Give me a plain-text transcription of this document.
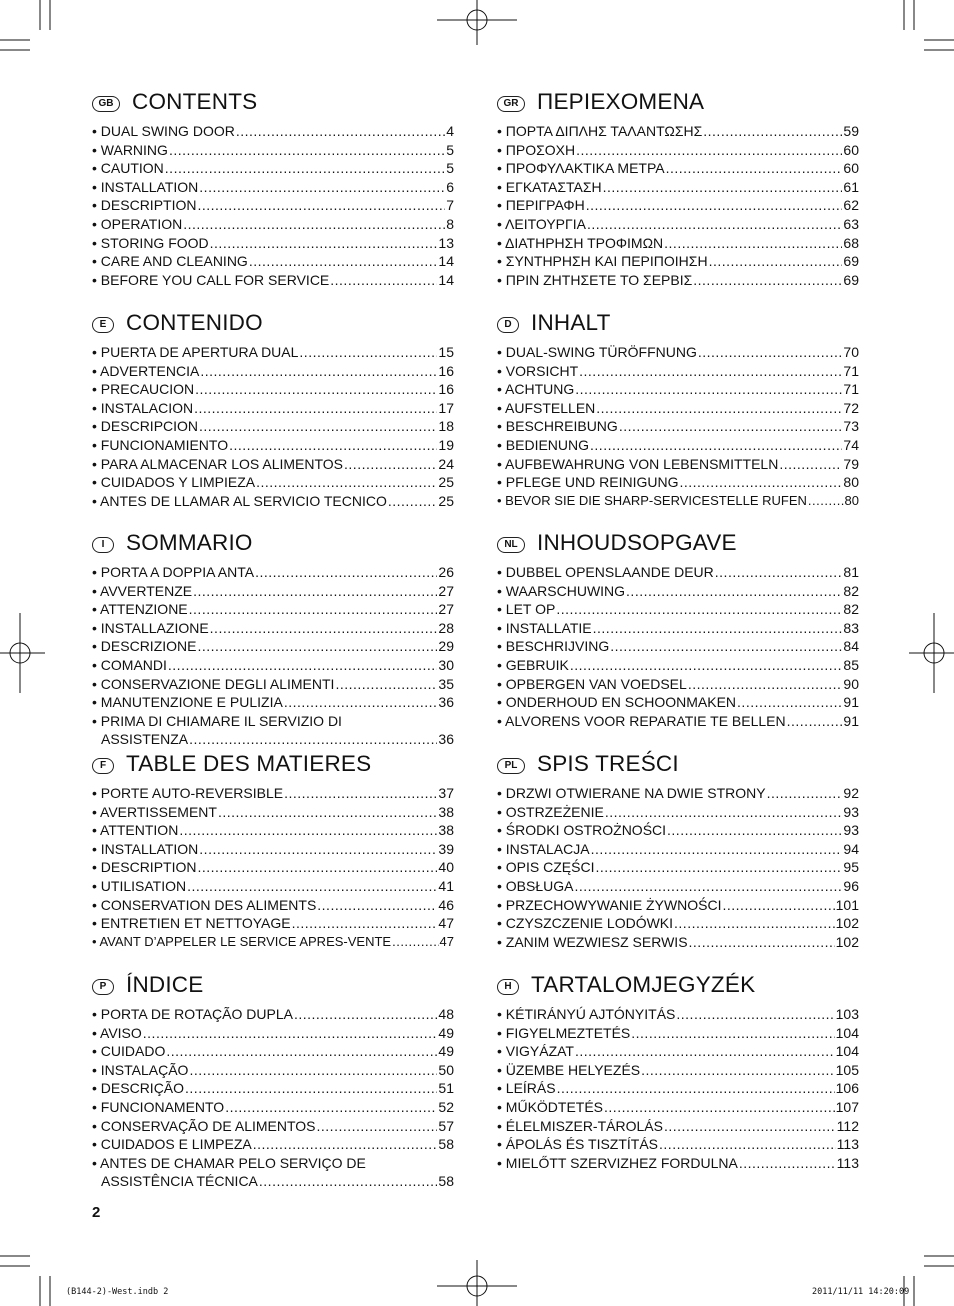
GB CONTENTS
• DUAL SWING DOOR .....	4
• WARNING .....	5
• CAUTION .....	5
• INSTALLATION .....	6
• DESCRIPTION .....	7
• OPERATION .....	8
• STORING FOOD .....	13
• CARE AND CLEANING .....	14
• BEFORE YOU CALL FOR SERVICE .....	14
E CONTENIDO
• PUERTA DE APERTURA DUAL .....	15
• ADVERTENCIA .....	16
• PRECAUCION .....	16
• INSTALACION .....	17
• DESCRIPCION .....	18
• FUNCIONAMIENTO .....	19
• PARA ALMACENAR LOS ALIMENTOS .....	24
• CUIDADOS Y LIMPIEZA .....	25
• ANTES DE LLAMAR AL SERVICIO TECNICO .....	25
I SOMMARIO
• PORTA A DOPPIA ANTA .....	26
• AVVERTENZE .....	27
• ATTENZIONE .....	27
• INSTALLAZIONE .....	28
• DESCRIZIONE .....	29
• COMANDI .....	30
• CONSERVAZIONE DEGLI ALIMENTI .....	35
• MANUTENZIONE E PULIZIA .....	36
• PRIMA DI CHIAMARE IL SERVIZIO DI
ASSISTENZA .....	36
F TABLE DES MATIERES
• PORTE AUTO-REVERSIBLE .....	37
• AVERTISSEMENT .....	38
• ATTENTION .....	38
• INSTALLATION .....	39
• DESCRIPTION .....	40
• UTILISATION .....	41
• CONSERVATION DES ALIMENTS .....	46
• ENTRETIEN ET NETTOYAGE .....	47
• AVANT D’APPELER LE SERVICE APRES-VENTE .....	47
P ÍNDICE
• PORTA DE ROTAÇÃO DUPLA .....	48
• AVISO .....	49
• CUIDADO .....	49
• INSTALAÇÃO .....	50
• DESCRIÇÃO .....	51
• FUNCIONAMENTO .....	52
• CONSERVAÇÃO DE ALIMENTOS .....	57
• CUIDADOS E LIMPEZA .....	58
• ANTES DE CHAMAR PELO SERVIÇO DE
ASSISTÊNCIA TÉCNICA .....	58
GR ΠΕΡΙΕΧΟΜΕΝΑ
• ΠΟΡΤΑ ΔΙΠΛΗΣ ΤΑΛΑΝΤΩΣΗΣ .....	59
• ΠΡΟΣΟΧΗ .....	60
• ΠΡΟΦΥΛΑΚΤΙΚΑ ΜΕΤΡΑ .....	60
• ΕΓΚΑΤΑΣΤΑΣΗ .....	61
• ΠΕΡΙΓΡΑΦΗ .....	62
• ΛΕΙΤΟΥΡΓΙΑ .....	63
• ΔΙΑΤΗΡΗΣΗ ΤΡΟΦΙΜΩΝ .....	68
• ΣΥΝΤΗΡΗΣΗ ΚΑΙ ΠΕΡΙΠΟΙΗΣΗ .....	69
• ΠΡΙΝ ΖΗΤΗΣΕΤΕ ΤΟ ΣΕΡΒΙΣ .....	69
D INHALT
• DUAL-SWING TÜRÖFFNUNG .....	70
• VORSICHT .....	71
• ACHTUNG .....	71
• AUFSTELLEN .....	72
• BESCHREIBUNG .....	73
• BEDIENUNG .....	74
• AUFBEWAHRUNG VON LEBENSMITTELN .....	79
• PFLEGE UND REINIGUNG .....	80
• BEVOR SIE DIE SHARP-SERVICESTELLE RUFEN .....	80
NL INHOUDSOPGAVE
• DUBBEL OPENSLAANDE DEUR .....	81
• WAARSCHUWING .....	82
• LET OP .....	82
• INSTALLATIE .....	83
• BESCHRIJVING .....	84
• GEBRUIK .....	85
• OPBERGEN VAN VOEDSEL .....	90
• ONDERHOUD EN SCHOONMAKEN .....	91
• ALVORENS VOOR REPARATIE TE BELLEN .....	91
PL SPIS TREŚCI
• DRZWI OTWIERANE NA DWIE STRONY .....	92
• OSTRZEŻENIE .....	93
• ŚRODKI OSTROŻNOŚCI .....	93
• INSTALACJA .....	94
• OPIS CZĘŚCI .....	95
• OBSŁUGA .....	96
• PRZECHOWYWANIE ŻYWNOŚCI .....	101
• CZYSZCZENIE LODÓWKI .....	102
• ZANIM WEZWIESZ SERWIS .....	102
H TARTALOMJEGYZÉK
• KÉTIRÁNYÚ AJTÓNYITÁS .....	103
• FIGYELMEZTETÉS .....	104
• VIGYÁZAT .....	104
• ÜZEMBE HELYEZÉS .....	105
• LEÍRÁS .....	106
• MŰKÖDTETÉS .....	107
• ÉLELMISZER-TÁROLÁS .....	112
• ÁPOLÁS ÉS TISZTÍTÁS .....	113
• MIELŐTT SZERVIZHEZ FORDULNA .....	113
2
(B144-2)-West.indb 2	2011/11/11 14:20:09
